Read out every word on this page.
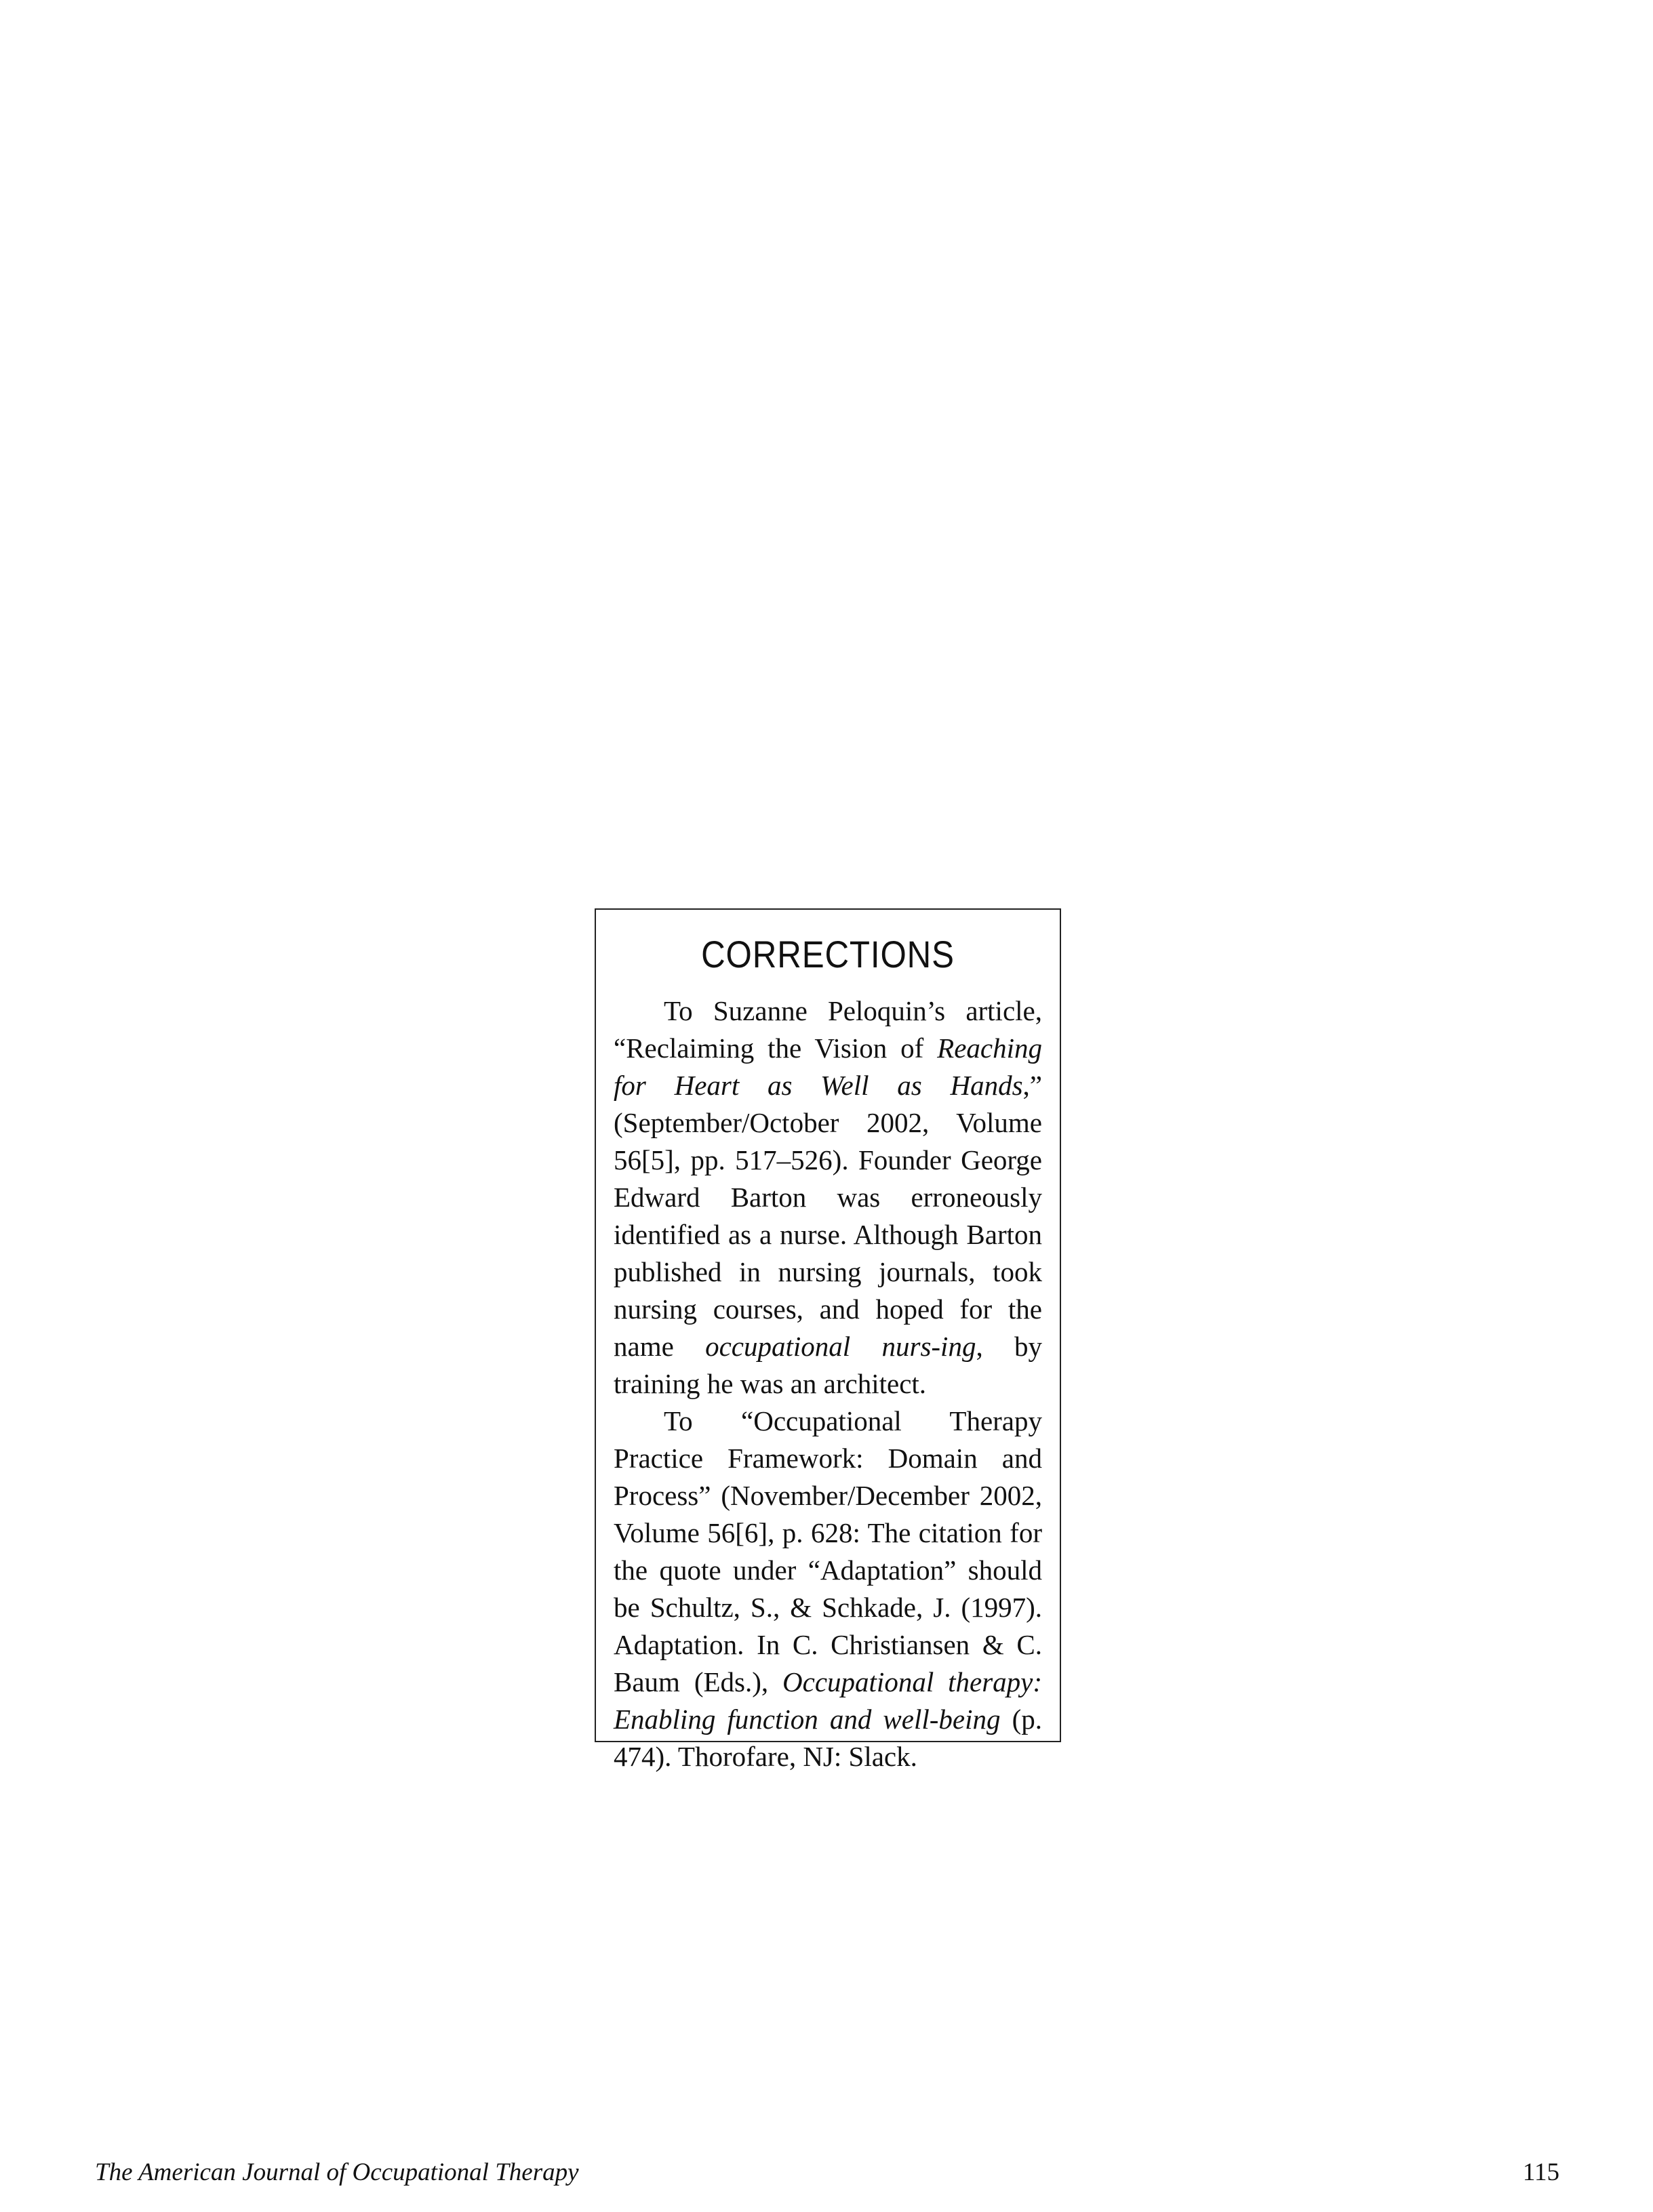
CORRECTIONS

To Suzanne Peloquin’s article, “Reclaiming the Vision of Reaching for Heart as Well as Hands,” (September/October 2002, Volume 56[5], pp. 517–526). Founder George Edward Barton was erroneously identified as a nurse. Although Barton published in nursing journals, took nursing courses, and hoped for the name occupational nurs-ing, by training he was an architect.

To “Occupational Therapy Practice Framework: Domain and Process” (November/December 2002, Volume 56[6], p. 628: The citation for the quote under “Adaptation” should be Schultz, S., & Schkade, J. (1997). Adaptation. In C. Christiansen & C. Baum (Eds.), Occupational therapy: Enabling function and well-being (p. 474). Thorofare, NJ: Slack.

The American Journal of Occupational Therapy	115
